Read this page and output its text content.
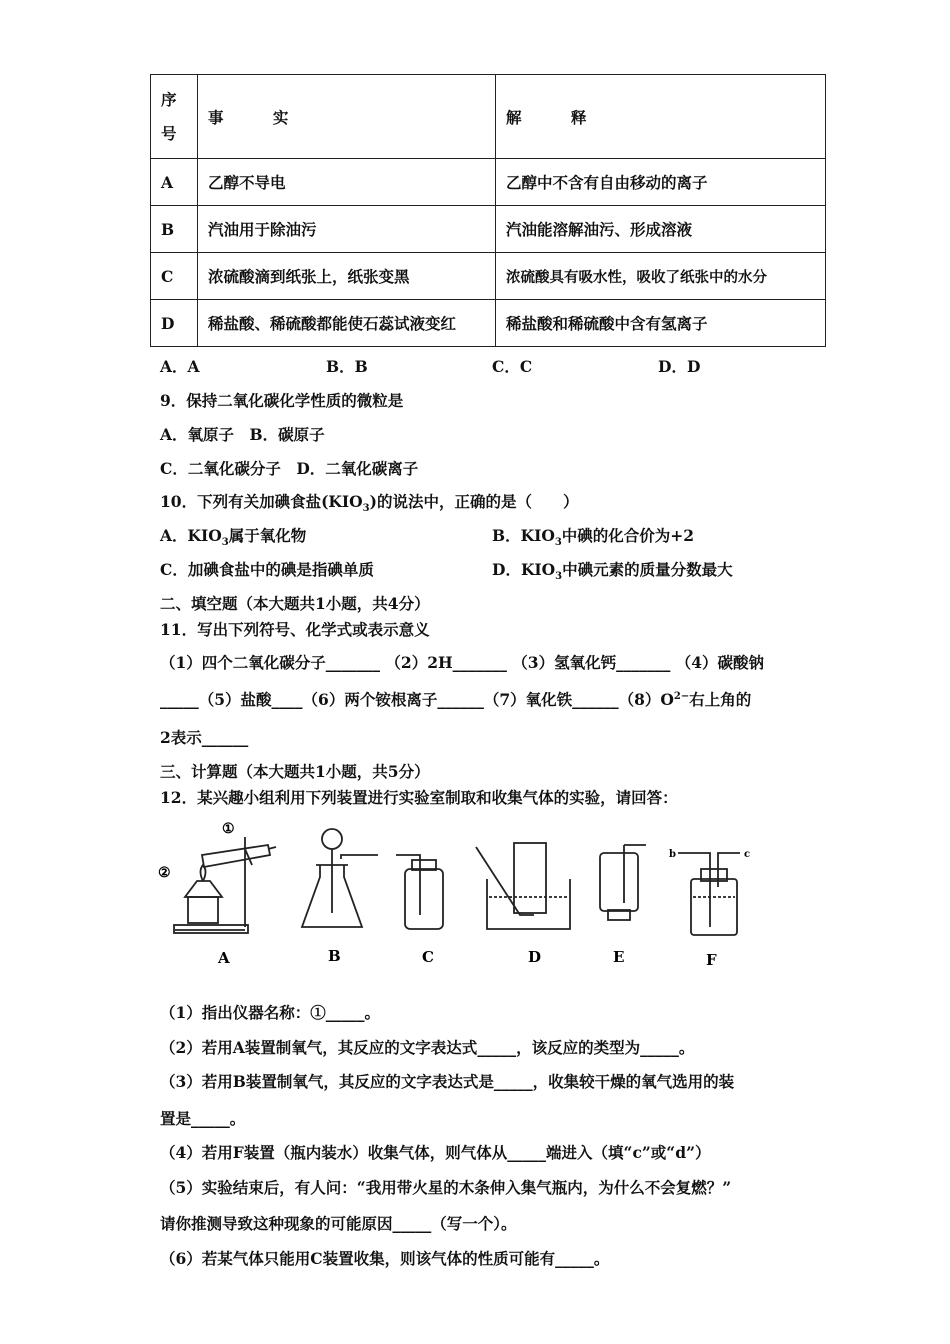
序号	事 实	解 释
A	乙醇不导电	乙醇中不含有自由移动的离子
B	汽油用于除油污	汽油能溶解油污、形成溶液
C	浓硫酸滴到纸张上，纸张变黑	浓硫酸具有吸水性，吸收了纸张中的水分
D	稀盐酸、稀硫酸都能使石蕊试液变红	稀盐酸和稀硫酸中含有氢离子
A．A	B．B	C．C	D．D
9．保持二氧化碳化学性质的微粒是
A．氧原子　B．碳原子
C．二氧化碳分子　D．二氧化碳离子
10．下列有关加碘食盐$(KIO_3)$的说法中，正确的是（　　）
A．$KIO_3$属于氧化物	B．$KIO_3$中碘的化合价为+2
C．加碘食盐中的碘是指碘单质	D．$KIO_3$中碘元素的质量分数最大
二、填空题（本大题共1小题，共4分）
11．写出下列符号、化学式或表示意义
（1）四个二氧化碳分子_______ （2）2H_______ （3）氢氧化钙_______ （4）碳酸钠
_____（5）盐酸____（6）两个铵根离子______（7）氧化铁$\_\_\_\_\_\_(8)O^{2-}$右上角的
2表示______
三、计算题（本大题共1小题，共5分）
12．某兴趣小组利用下列装置进行实验室制取和收集气体的实验，请回答：
①
②
b	c
A	B	C	D	E	F
（1）指出仪器名称：①_____。
（2）若用A装置制氧气，其反应的文字表达式_____，该反应的类型为_____。
（3）若用B装置制氧气，其反应的文字表达式是_____，收集较干燥的氧气选用的装
置是_____。
（4）若用F装置（瓶内装水）收集气体，则气体从_____端进入（填“c”或“d”）
（5）实验结束后，有人问：“我用带火星的木条伸入集气瓶内，为什么不会复燃？”
请你推测导致这种现象的可能原因_____（写一个）。
（6）若某气体只能用C装置收集，则该气体的性质可能有_____。
